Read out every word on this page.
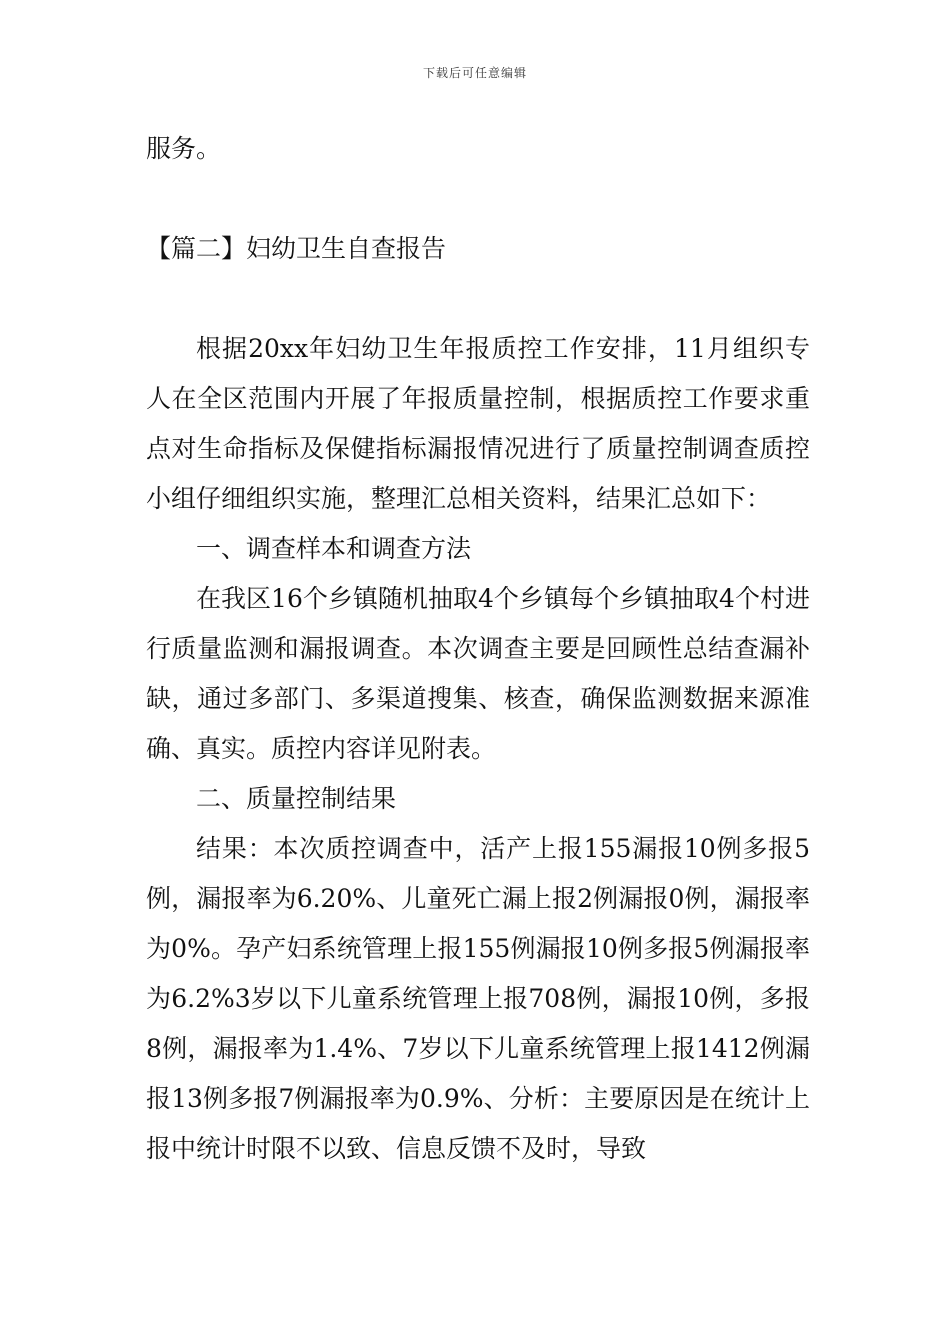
下载后可任意编辑

服务。

【篇二】妇幼卫生自查报告

根据20xx年妇幼卫生年报质控工作安排，11月组织专人在全区范围内开展了年报质量控制，根据质控工作要求重点对生命指标及保健指标漏报情况进行了质量控制调查质控小组仔细组织实施，整理汇总相关资料，结果汇总如下：

一、调查样本和调查方法

在我区16个乡镇随机抽取4个乡镇每个乡镇抽取4个村进行质量监测和漏报调查。本次调查主要是回顾性总结查漏补缺，通过多部门、多渠道搜集、核查，确保监测数据来源准确、真实。质控内容详见附表。

二、质量控制结果

结果：本次质控调查中，活产上报155漏报10例多报5例，漏报率为6.20%、儿童死亡漏上报2例漏报0例，漏报率为0%。孕产妇系统管理上报155例漏报10例多报5例漏报率为6.2%3岁以下儿童系统管理上报708例，漏报10例，多报8例，漏报率为1.4%、7岁以下儿童系统管理上报1412例漏报13例多报7例漏报率为0.9%、分析：主要原因是在统计上报中统计时限不以致、信息反馈不及时，导致
